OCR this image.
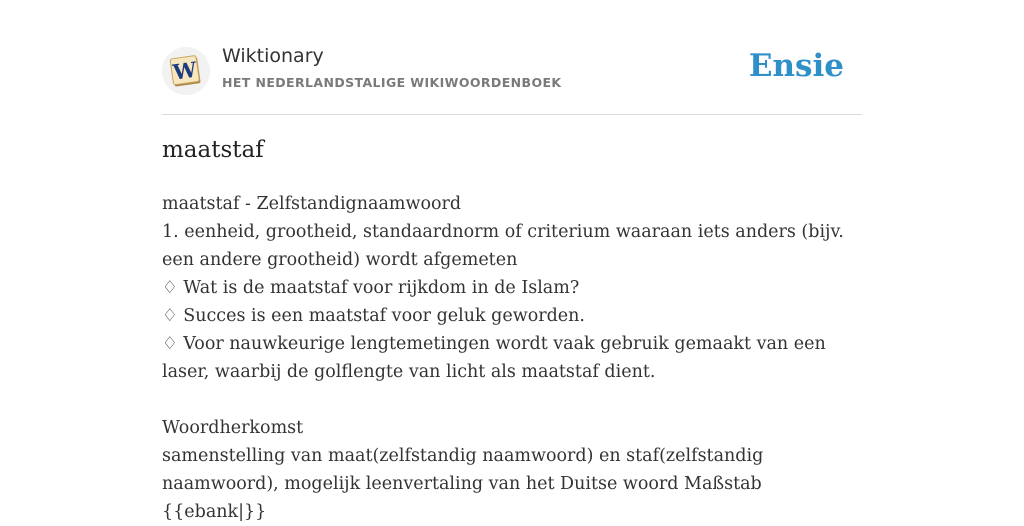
W
Wiktionary
HET NEDERLANDSTALIGE WIKIWOORDENBOEK	Ensie
maatstaf
maatstaf - Zelfstandignaamwoord
1. eenheid, grootheid, standaardnorm of criterium waaraan iets anders (bijv. een andere grootheid) wordt afgemeten
♢ Wat is de maatstaf voor rijkdom in de Islam?
♢ Succes is een maatstaf voor geluk geworden.
♢ Voor nauwkeurige lengtemetingen wordt vaak gebruik gemaakt van een laser, waarbij de golflengte van licht als maatstaf dient.
Woordherkomst
samenstelling van maat(zelfstandig naamwoord) en staf(zelfstandig naamwoord), mogelijk leenvertaling van het Duitse woord Maßstab {{ebank|}}
